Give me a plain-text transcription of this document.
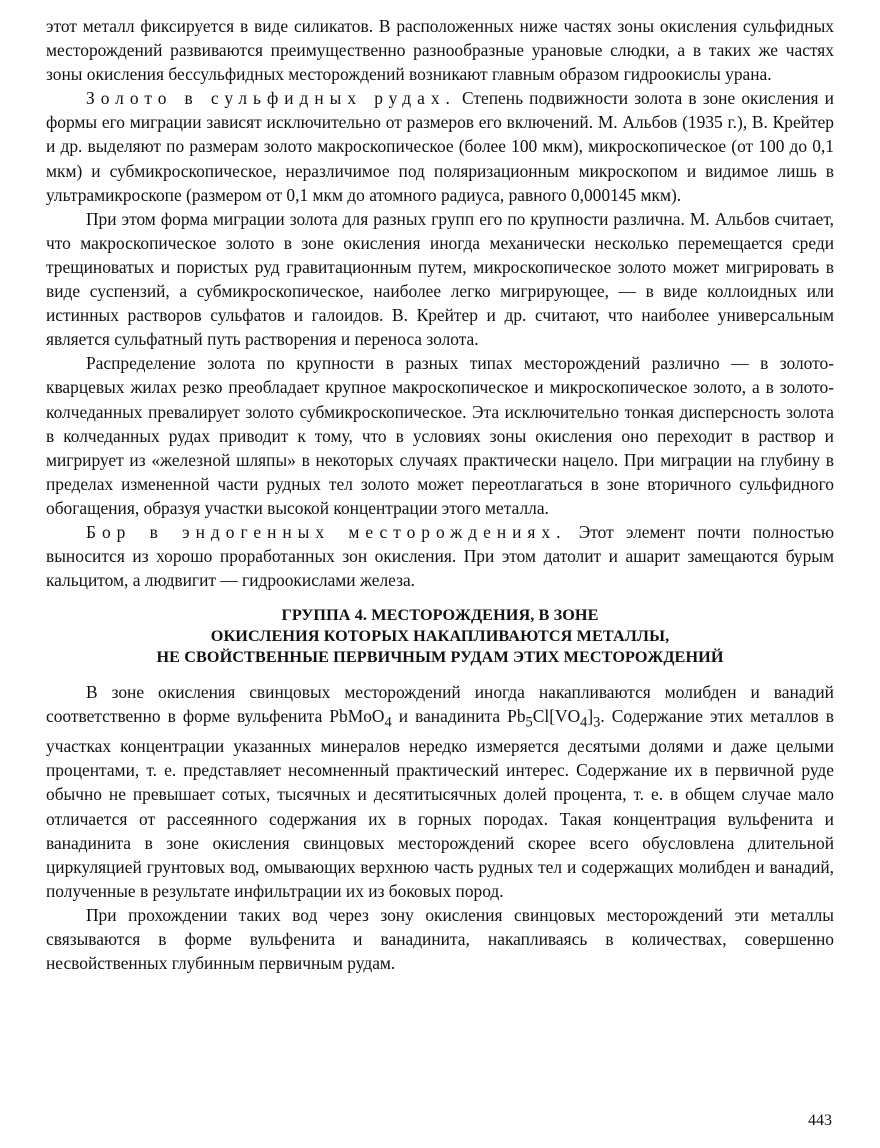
этот металл фиксируется в виде силикатов. В расположенных ниже частях зоны окисления сульфидных месторождений развиваются преимущественно разнообразные урановые слюдки, а в таких же частях зоны окисления бессульфидных месторождений возникают главным образом гидроокислы урана.

Золото в сульфидных рудах. Степень подвижности золота в зоне окисления и формы его миграции зависят исключительно от размеров его включений. М. Альбов (1935 г.), В. Крейтер и др. выделяют по размерам золото макроскопическое (более 100 мкм), микроскопическое (от 100 до 0,1 мкм) и субмикроскопическое, неразличимое под поляризационным микроскопом и видимое лишь в ультрамикроскопе (размером от 0,1 мкм до атомного радиуса, равного 0,000145 мкм).

При этом форма миграции золота для разных групп его по крупности различна. М. Альбов считает, что макроскопическое золото в зоне окисления иногда механически несколько перемещается среди трещиноватых и пористых руд гравитационным путем, микроскопическое золото может мигрировать в виде суспензий, а субмикроскопическое, наиболее легко мигрирующее, — в виде коллоидных или истинных растворов сульфатов и галоидов. В. Крейтер и др. считают, что наиболее универсальным является сульфатный путь растворения и переноса золота.

Распределение золота по крупности в разных типах месторождений различно — в золото-кварцевых жилах резко преобладает крупное макроскопическое и микроскопическое золото, а в золото-колчеданных превалирует золото субмикроскопическое. Эта исключительно тонкая дисперсность золота в колчеданных рудах приводит к тому, что в условиях зоны окисления оно переходит в раствор и мигрирует из «железной шляпы» в некоторых случаях практически нацело. При миграции на глубину в пределах измененной части рудных тел золото может переотлагаться в зоне вторичного сульфидного обогащения, образуя участки высокой концентрации этого металла.

Бор в эндогенных месторождениях. Этот элемент почти полностью выносится из хорошо проработанных зон окисления. При этом датолит и ашарит замещаются бурым кальцитом, а людвигит — гидроокислами железа.

ГРУППА 4. МЕСТОРОЖДЕНИЯ, В ЗОНЕ
ОКИСЛЕНИЯ КОТОРЫХ НАКАПЛИВАЮТСЯ МЕТАЛЛЫ,
НЕ СВОЙСТВЕННЫЕ ПЕРВИЧНЫМ РУДАМ ЭТИХ МЕСТОРОЖДЕНИЙ

В зоне окисления свинцовых месторождений иногда накапливаются молибден и ванадий соответственно в форме вульфенита PbMoO$_4$ и ванадинита $Pb_5Cl[VO_4]_3$. Содержание этих металлов в участках концентрации указанных минералов нередко измеряется десятыми долями и даже целыми процентами, т. е. представляет несомненный практический интерес. Содержание их в первичной руде обычно не превышает сотых, тысячных и десятитысячных долей процента, т. е. в общем случае мало отличается от рассеянного содержания их в горных породах. Такая концентрация вульфенита и ванадинита в зоне окисления свинцовых месторождений скорее всего обусловлена длительной циркуляцией грунтовых вод, омывающих верхнюю часть рудных тел и содержащих молибден и ванадий, полученные в результате инфильтрации их из боковых пород.

При прохождении таких вод через зону окисления свинцовых месторождений эти металлы связываются в форме вульфенита и ванадинита, накапливаясь в количествах, совершенно несвойственных глубинным первичным рудам.

443
